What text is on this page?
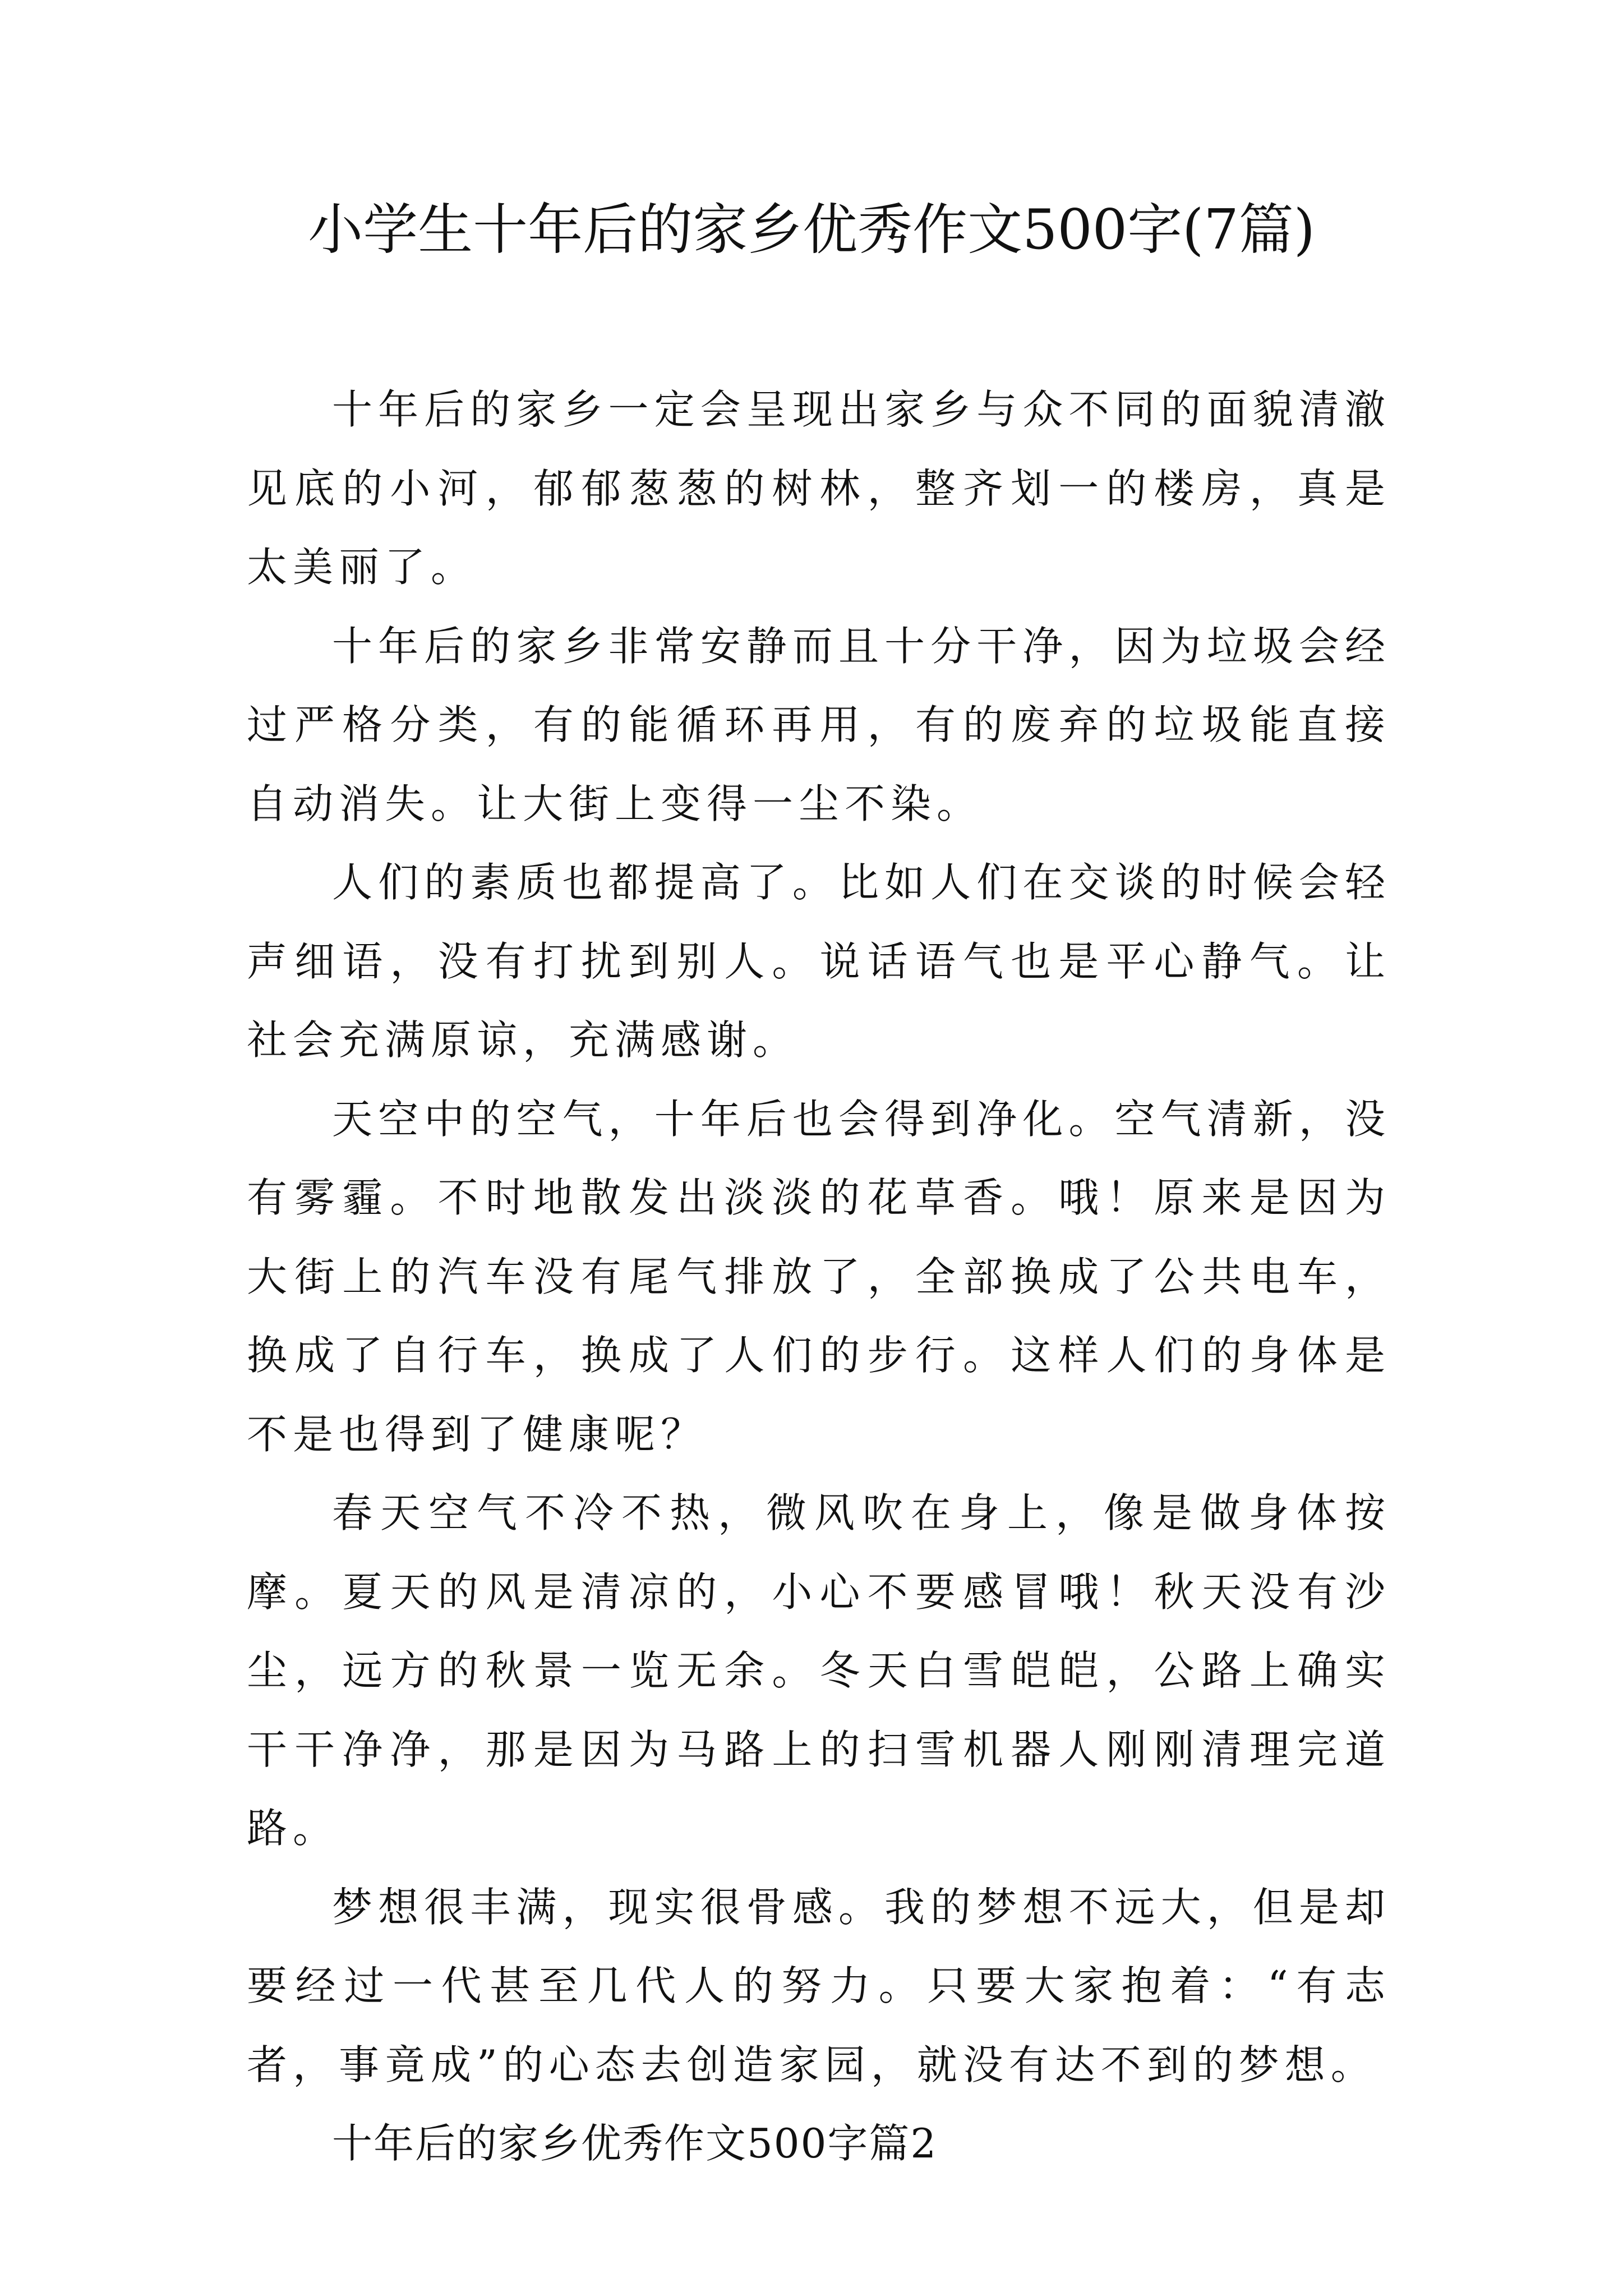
小学生十年后的家乡优秀作文500字(7篇)

十年后的家乡一定会呈现出家乡与众不同的面貌清澈见底的小河，郁郁葱葱的树林，整齐划一的楼房，真是太美丽了。

十年后的家乡非常安静而且十分干净，因为垃圾会经过严格分类，有的能循环再用，有的废弃的垃圾能直接自动消失。让大街上变得一尘不染。

人们的素质也都提高了。比如人们在交谈的时候会轻声细语，没有打扰到别人。说话语气也是平心静气。让社会充满原谅，充满感谢。

天空中的空气，十年后也会得到净化。空气清新，没有雾霾。不时地散发出淡淡的花草香。哦！原来是因为大街上的汽车没有尾气排放了，全部换成了公共电车，换成了自行车，换成了人们的步行。这样人们的身体是不是也得到了健康呢？

春天空气不冷不热，微风吹在身上，像是做身体按摩。夏天的风是清凉的，小心不要感冒哦！秋天没有沙尘，远方的秋景一览无余。冬天白雪皑皑，公路上确实干干净净，那是因为马路上的扫雪机器人刚刚清理完道路。

梦想很丰满，现实很骨感。我的梦想不远大，但是却要经过一代甚至几代人的努力。只要大家抱着：“有志者，事竟成”的心态去创造家园，就没有达不到的梦想。

十年后的家乡优秀作文500字篇2
